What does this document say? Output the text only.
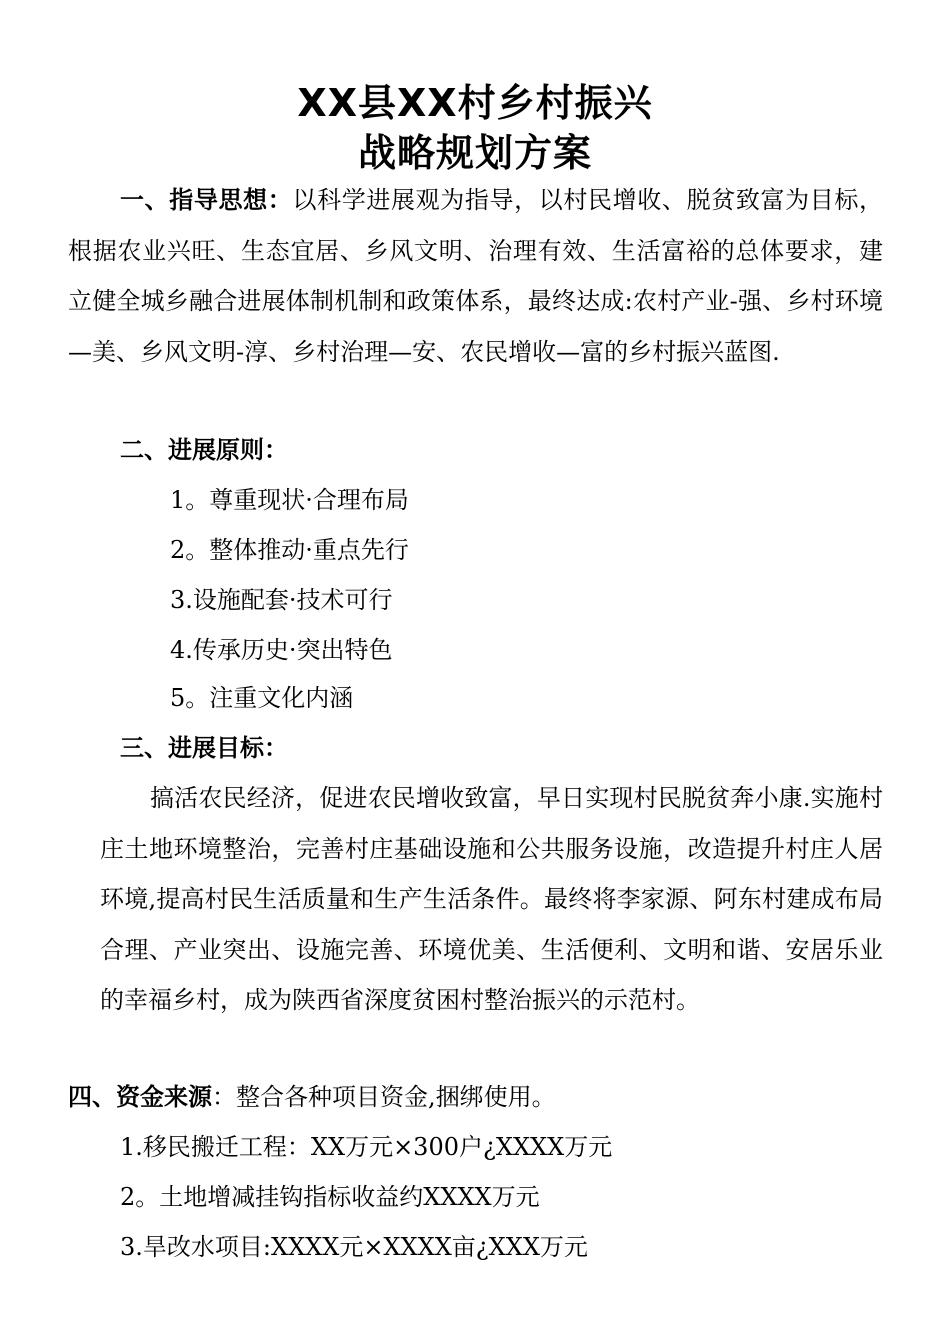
XX县XX村乡村振兴
战略规划方案
一、指导思想：以科学进展观为指导，以村民增收、脱贫致富为目标，根据农业兴旺、生态宜居、乡风文明、治理有效、生活富裕的总体要求，建立健全城乡融合进展体制机制和政策体系，最终达成:农村产业-强、乡村环境—美、乡风文明-淳、乡村治理—安、农民增收—富的乡村振兴蓝图.
二、进展原则：
1。尊重现状·合理布局
2。整体推动·重点先行
3.设施配套·技术可行
4.传承历史·突出特色
5。注重文化内涵
三、进展目标：
搞活农民经济，促进农民增收致富，早日实现村民脱贫奔小康.实施村庄土地环境整治，完善村庄基础设施和公共服务设施，改造提升村庄人居环境,提高村民生活质量和生产生活条件。最终将李家源、阿东村建成布局合理、产业突出、设施完善、环境优美、生活便利、文明和谐、安居乐业的幸福乡村，成为陕西省深度贫困村整治振兴的示范村。
四、资金来源：整合各种项目资金,捆绑使用。
1.移民搬迁工程：XX万元×300户¿XXXX万元
2。土地增减挂钩指标收益约XXXX万元
3.旱改水项目:XXXX元×XXXX亩¿XXX万元
